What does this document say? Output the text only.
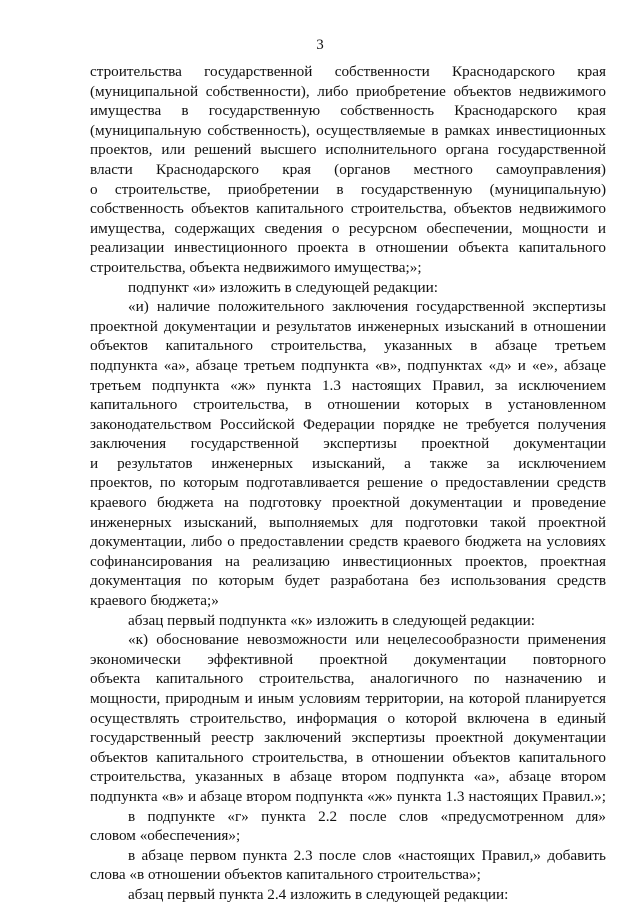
3
строительства государственной собственности Краснодарского края
(муниципальной собственности), либо приобретение объектов недвижимого
имущества в государственную собственность Краснодарского края
(муниципальную собственность), осуществляемые в рамках инвестиционных
проектов, или решений высшего исполнительного органа государственной
власти Краснодарского края (органов местного самоуправления)
о строительстве, приобретении в государственную (муниципальную)
собственность объектов капитального строительства, объектов недвижимого
имущества, содержащих сведения о ресурсном обеспечении, мощности и
реализации инвестиционного проекта в отношении объекта капитального
строительства, объекта недвижимого имущества;»;
подпункт «и» изложить в следующей редакции:
«и) наличие положительного заключения государственной экспертизы
проектной документации и результатов инженерных изысканий в отношении
объектов капитального строительства, указанных в абзаце третьем
подпункта «а», абзаце третьем подпункта «в», подпунктах «д» и «е», абзаце
третьем подпункта «ж» пункта 1.3 настоящих Правил, за исключением
капитального строительства, в отношении которых в установленном
законодательством Российской Федерации порядке не требуется получения
заключения государственной экспертизы проектной документации
и результатов инженерных изысканий, а также за исключением
проектов, по которым подготавливается решение о предоставлении средств
краевого бюджета на подготовку проектной документации и проведение
инженерных изысканий, выполняемых для подготовки такой проектной
документации, либо о предоставлении средств краевого бюджета на условиях
софинансирования на реализацию инвестиционных проектов, проектная
документация по которым будет разработана без использования средств
краевого бюджета;»
абзац первый подпункта «к» изложить в следующей редакции:
«к) обоснование невозможности или нецелесообразности применения
экономически эффективной проектной документации повторного
объекта капитального строительства, аналогичного по назначению и
мощности, природным и иным условиям территории, на которой планируется
осуществлять строительство, информация о которой включена в единый
государственный реестр заключений экспертизы проектной документации
объектов капитального строительства, в отношении объектов капитального
строительства, указанных в абзаце втором подпункта «а», абзаце втором
подпункта «в» и абзаце втором подпункта «ж» пункта 1.3 настоящих Правил.»;
в подпункте «г» пункта 2.2 после слов «предусмотренном для»
словом «обеспечения»;
в абзаце первом пункта 2.3 после слов «настоящих Правил,» добавить
слова «в отношении объектов капитального строительства»;
абзац первый пункта 2.4 изложить в следующей редакции:
